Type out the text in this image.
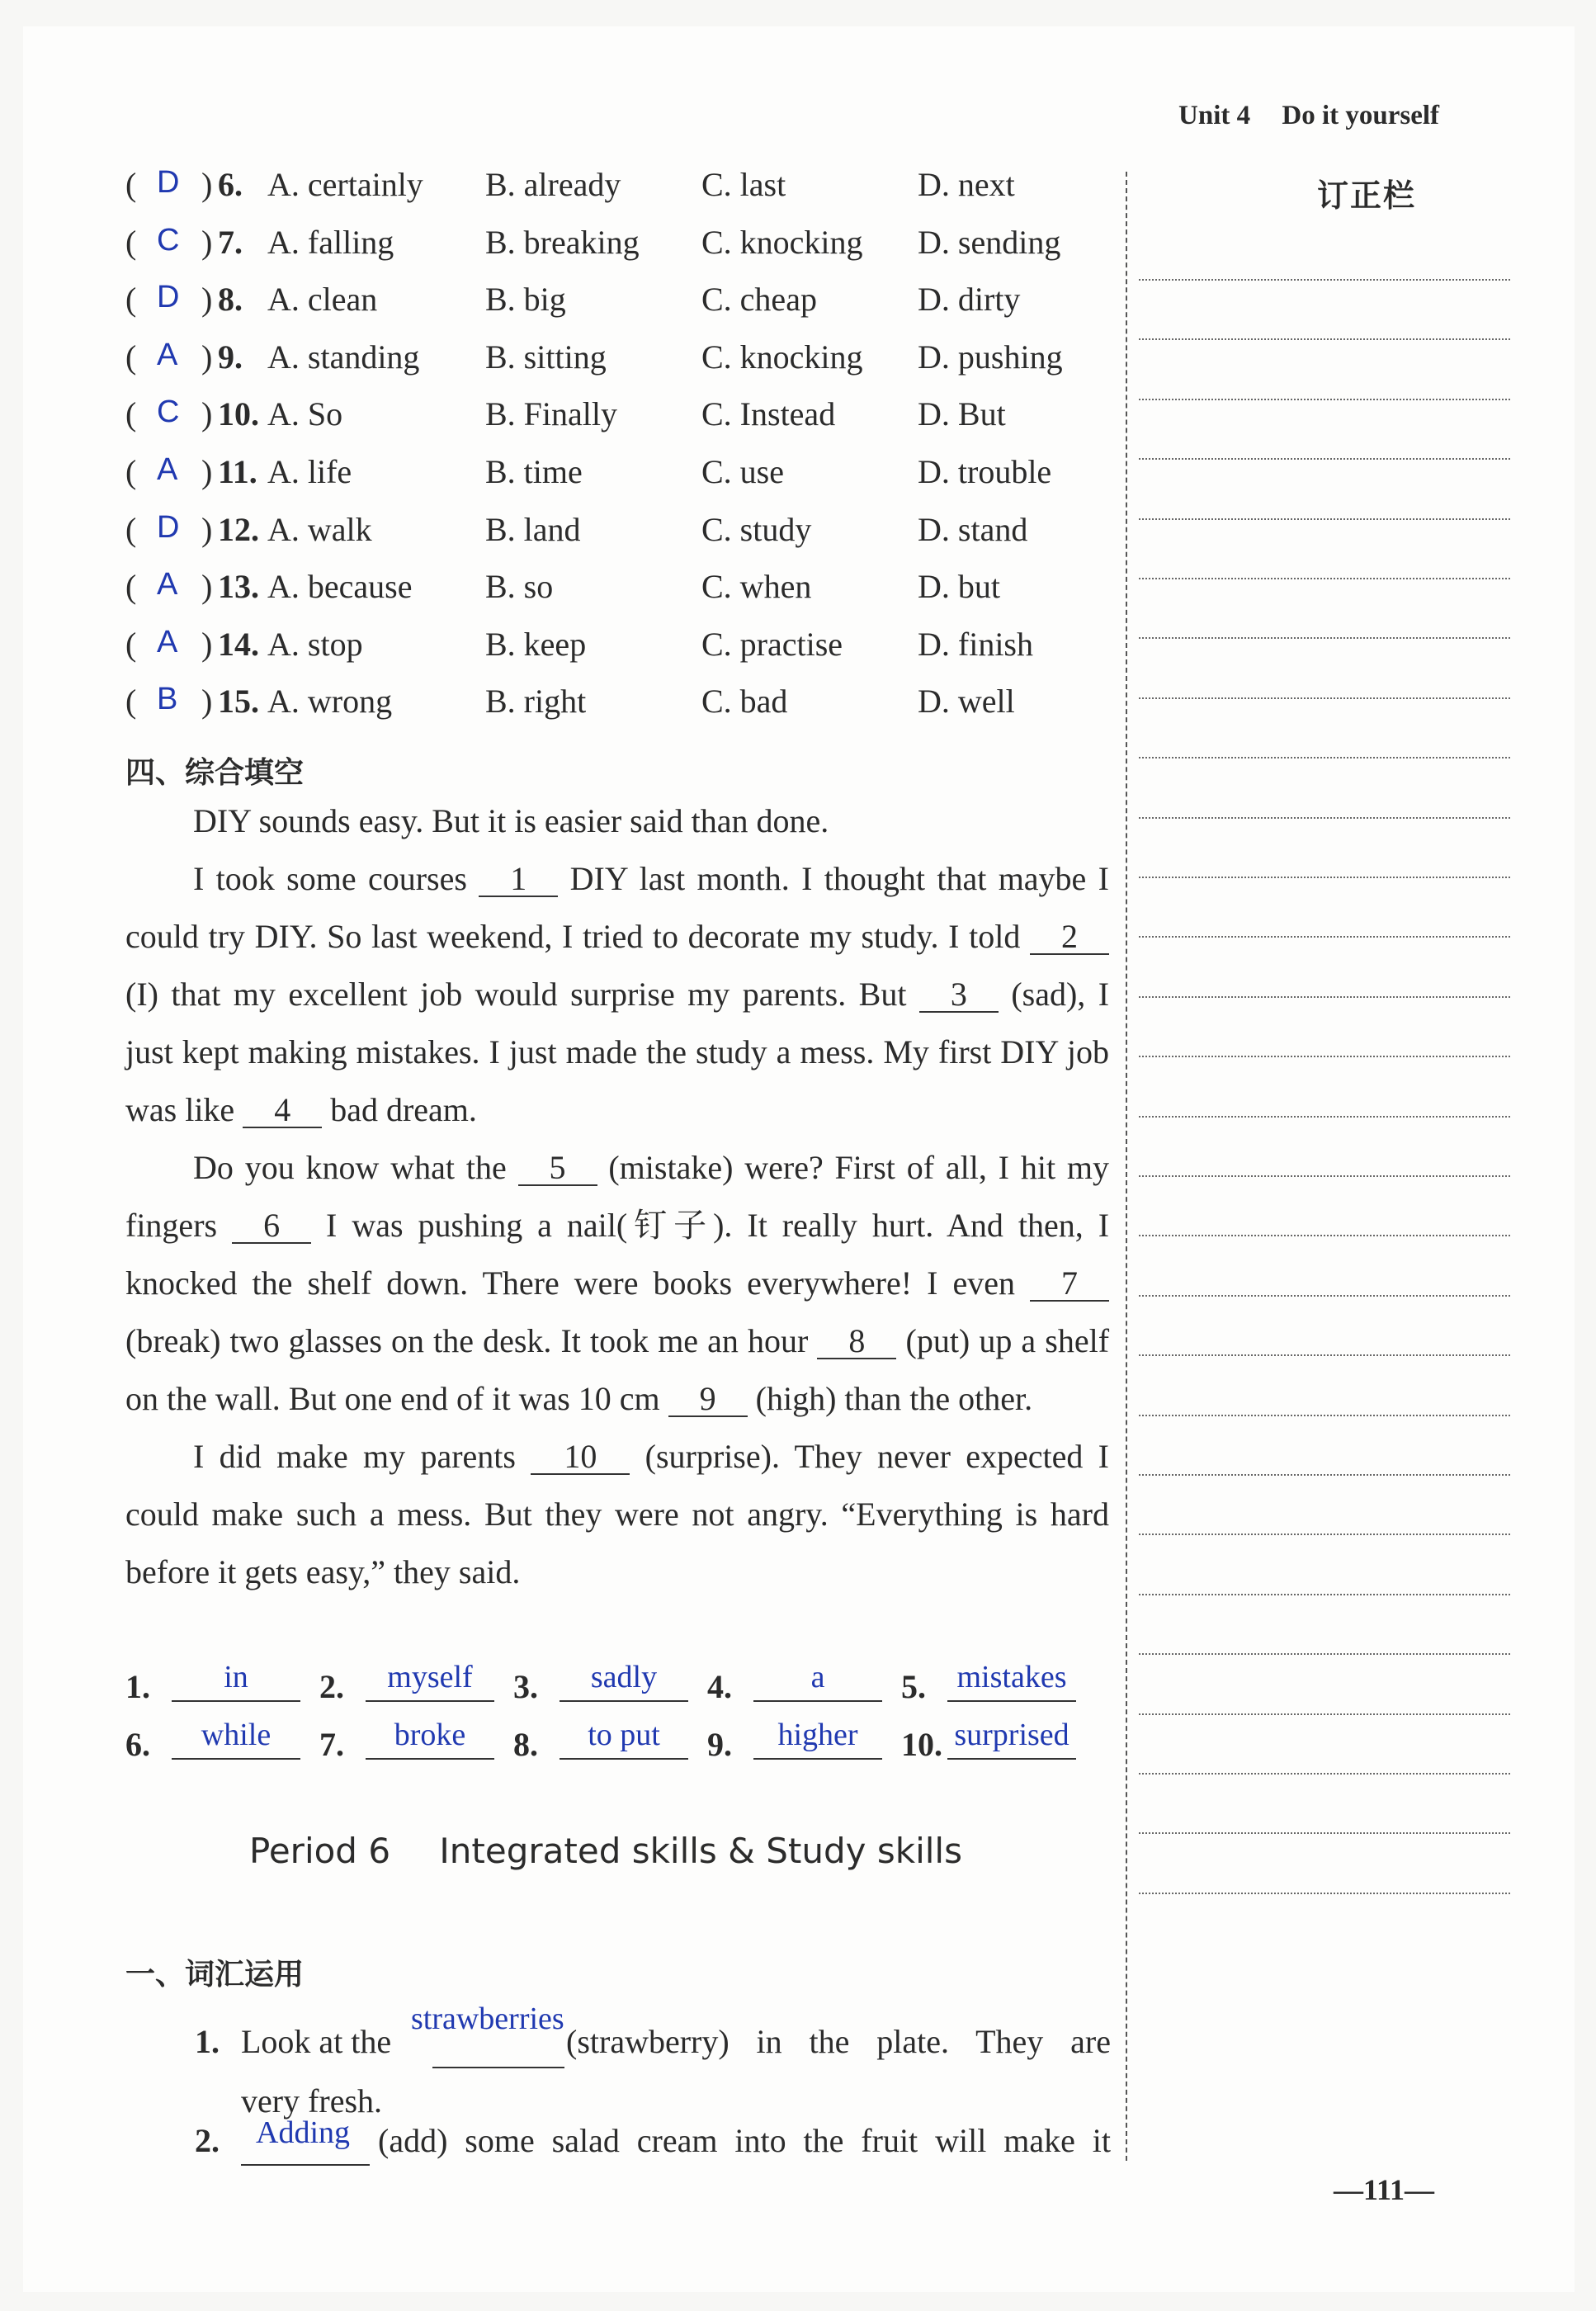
Unit 4 Do it yourself
订正栏
( D ) 6. A. certainly B. already C. last	D. next
( C ) 7. A. falling	B. breaking C. knocking D. sending
( D ) 8. A. clean	B. big	C. cheap	D. dirty
( A ) 9. A. standing B. sitting	C. knocking D. pushing
( C ) 10. A. So	B. Finally	C. Instead D. But
( A ) 11. A. life	B. time	C. use	D. trouble
( D ) 12. A. walk	B. land	C. study	D. stand
( A ) 13. A. because B. so	C. when	D. but
( A ) 14. A. stop	B. keep	C. practise D. finish
( B ) 15. A. wrong	B. right	C. bad	D. well
四、综合填空

DIY sounds easy. But it is easier said than done.

I took some courses 1 DIY last month. I thought that maybe I could try DIY. So last weekend, I tried to decorate my study. I told 2 (I) that my excellent job would surprise my parents. But 3 (sad), I just kept making mistakes. I just made the study a mess. My first DIY job was like 4 bad dream.

Do you know what the 5 (mistake) were? First of all, I hit my fingers 6 I was pushing a nail(钉子). It really hurt. And then, I knocked the shelf down. There were books everywhere! I even 7 (break) two glasses on the desk. It took me an hour 8 (put) up a shelf on the wall. But one end of it was 10 cm 9 (high) than the other.

I did make my parents 10 (surprise). They never expected I could make such a mess. But they were not angry. “Everything is hard before it gets easy,” they said.

1.	in	2.	myself	3.	sadly	4.	a	5. mistakes
6.	while	7.	broke	8.	to put	9.	higher	10. surprised
Period 6 Integrated skills & Study skills
一、词汇运用
1. Look at the
strawberries
(strawberry) in the plate. They are
very fresh.
2. Adding (add) some salad cream into the fruit will make it
—111—
